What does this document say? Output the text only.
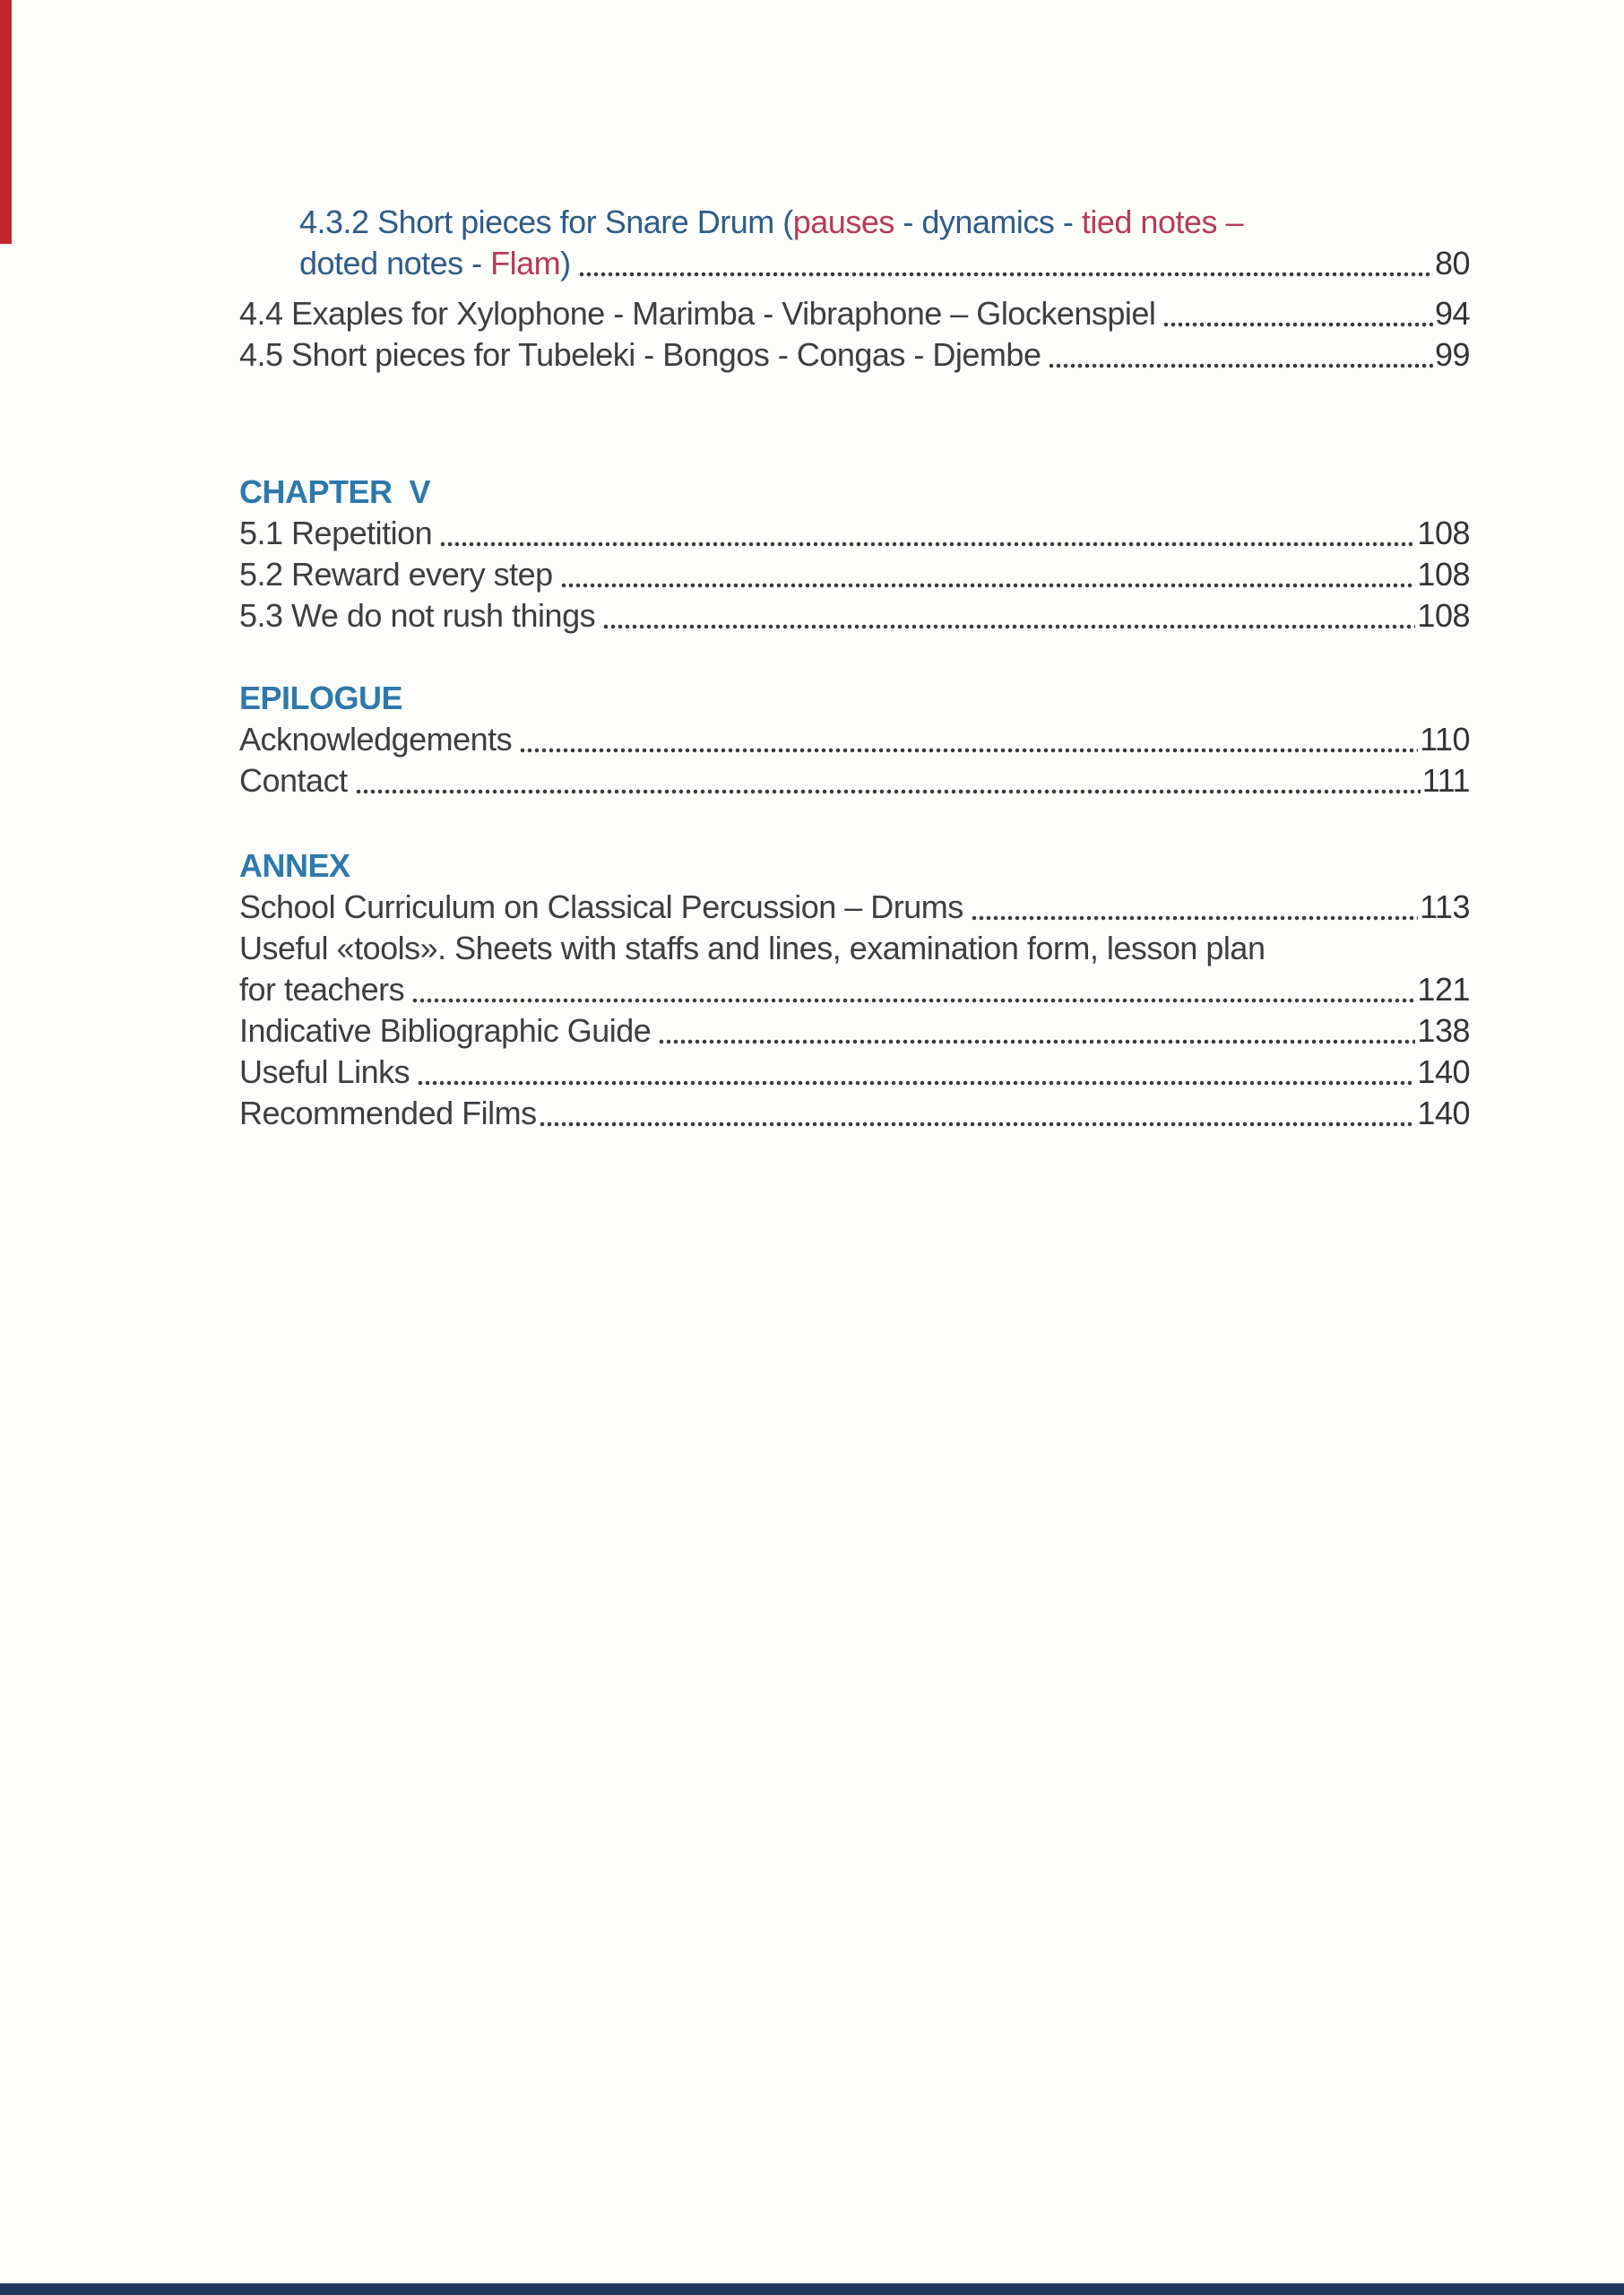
4.3.2 Short pieces for Snare Drum ( pauses - dynamics - tied notes –
doted notes - Flam )	80
4.4 Exaples for Xylophone - Marimba - Vibraphone – Glockenspiel	94
4.5 Short pieces for Tubeleki - Bongos - Congas - Djembe	99
CHAPTER  V
5.1 Repetition	108
5.2 Reward every step	108
5.3 We do not rush things	108
EPILOGUE
Acknowledgements	110
Contact	111
ANNEX
School Curriculum on Classical Percussion – Drums	113
Useful «tools». Sheets with staffs and lines, examination form, lesson plan
for teachers	121
Indicative Bibliographic Guide	138
Useful Links	140
Recommended Films	140
